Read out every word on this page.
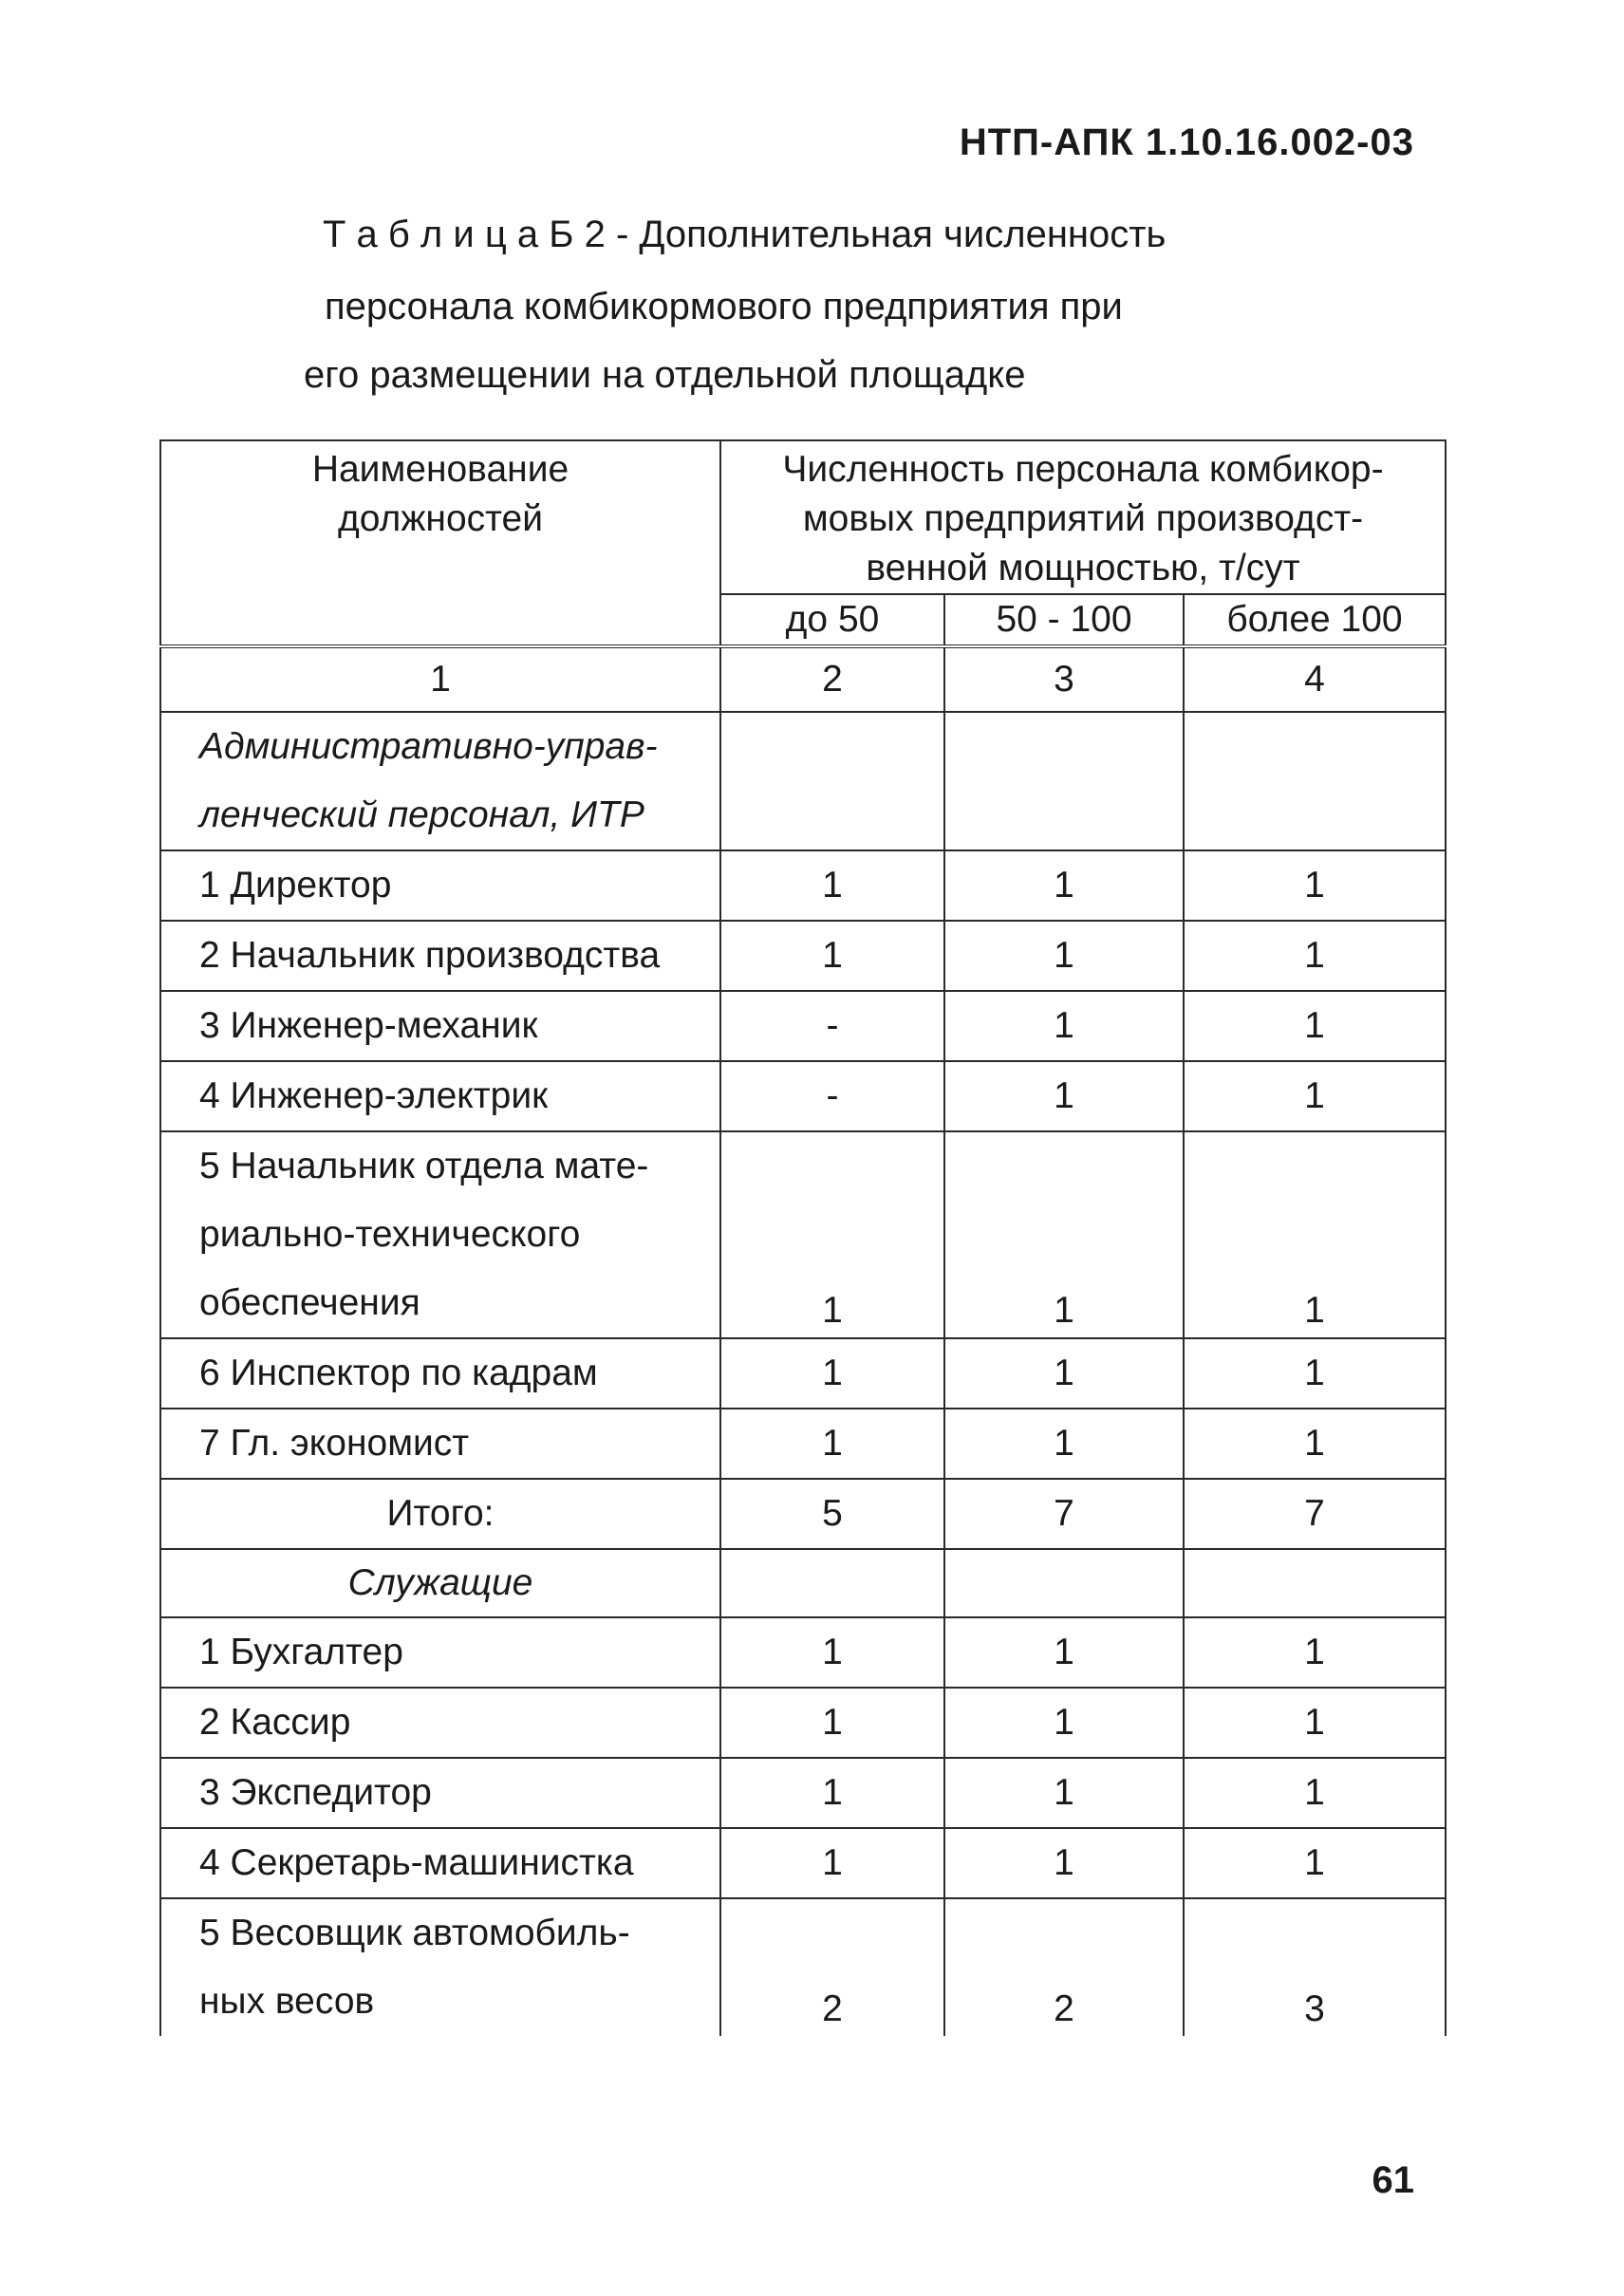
НТП-АПК 1.10.16.002-03
Т а б л и ц а Б 2 - Дополнительная численность
персонала комбикормового предприятия при
его размещении на отдельной площадке
Наименование должностей	Численность персонала комбикор-мовых предприятий производст-венной мощностью, т/сут		

	до 50	50 - 100	более 100
1	2	3	4

Административно-управ-ленческий персонал, ИТР			

1 Директор	1	1	1
2 Начальник производства	1	1	1
3 Инженер-механик	-	1	1
4 Инженер-электрик	-	1	1

5 Начальник отдела мате-риально-технического обеспечения	1	1	1
6 Инспектор по кадрам	1	1	1
7 Гл. экономист	1	1	1
Итого:	5	7	7
Служащие			
1 Бухгалтер	1	1	1
2 Кассир	1	1	1
3 Экспедитор	1	1	1
4 Секретарь-машинистка	1	1	1

5 Весовщик автомобиль-ных весов	2	2	3
61
